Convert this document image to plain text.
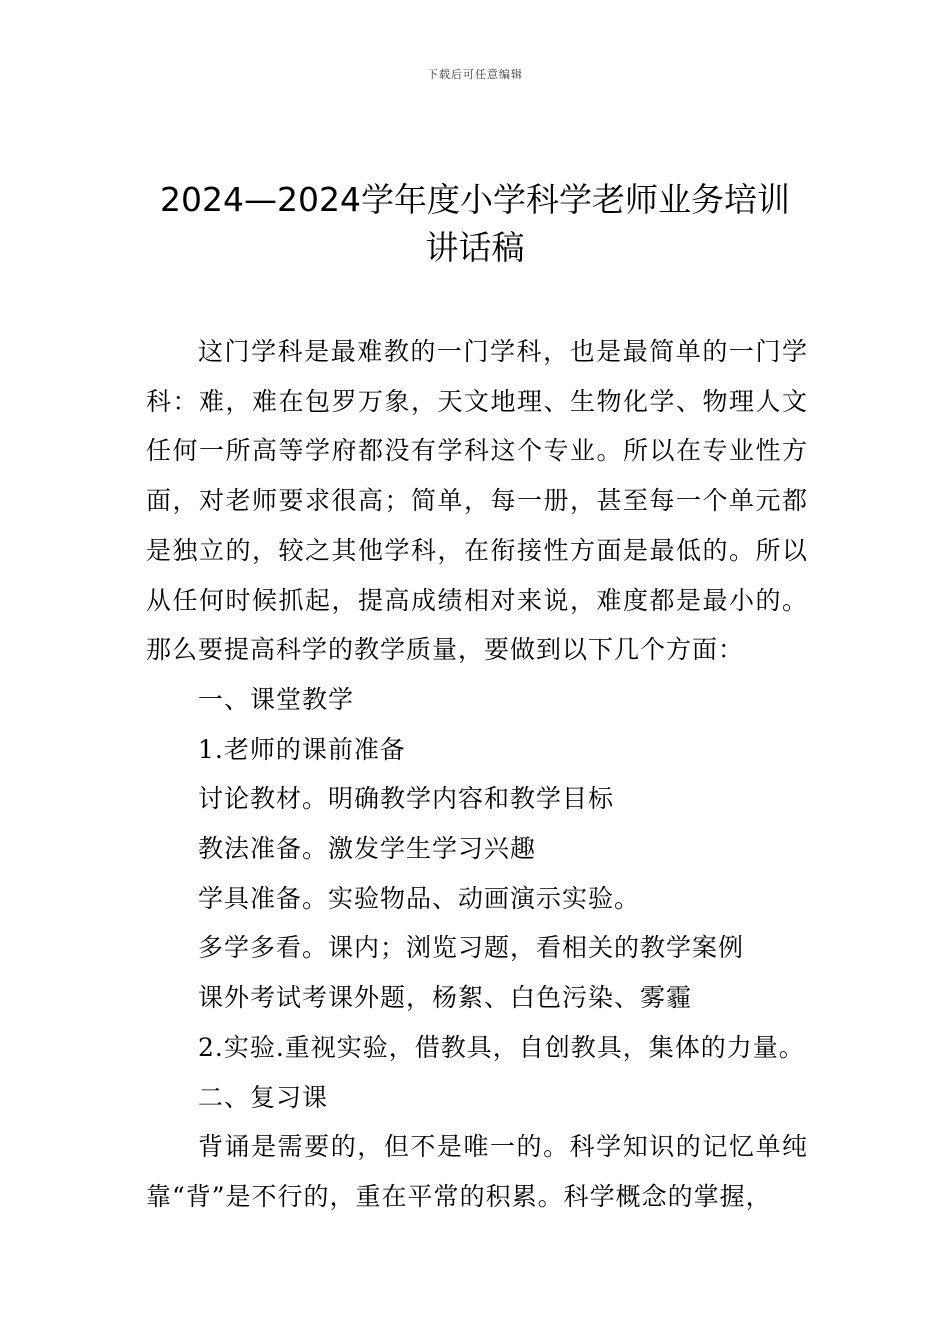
下载后可任意编辑
2024—2024学年度小学科学老师业务培训
讲话稿

这门学科是最难教的一门学科，也是最简单的一门学科：难，难在包罗万象，天文地理、生物化学、物理人文任何一所高等学府都没有学科这个专业。所以在专业性方面，对老师要求很高；简单，每一册，甚至每一个单元都是独立的，较之其他学科，在衔接性方面是最低的。所以从任何时候抓起，提高成绩相对来说，难度都是最小的。那么要提高科学的教学质量，要做到以下几个方面：

一、课堂教学

1.老师的课前准备

讨论教材。明确教学内容和教学目标

教法准备。激发学生学习兴趣

学具准备。实验物品、动画演示实验。

多学多看。课内；浏览习题，看相关的教学案例

课外考试考课外题，杨絮、白色污染、雾霾

2.实验.重视实验，借教具，自创教具，集体的力量。

二、复习课

背诵是需要的，但不是唯一的。科学知识的记忆单纯靠“背”是不行的，重在平常的积累。科学概念的掌握，
